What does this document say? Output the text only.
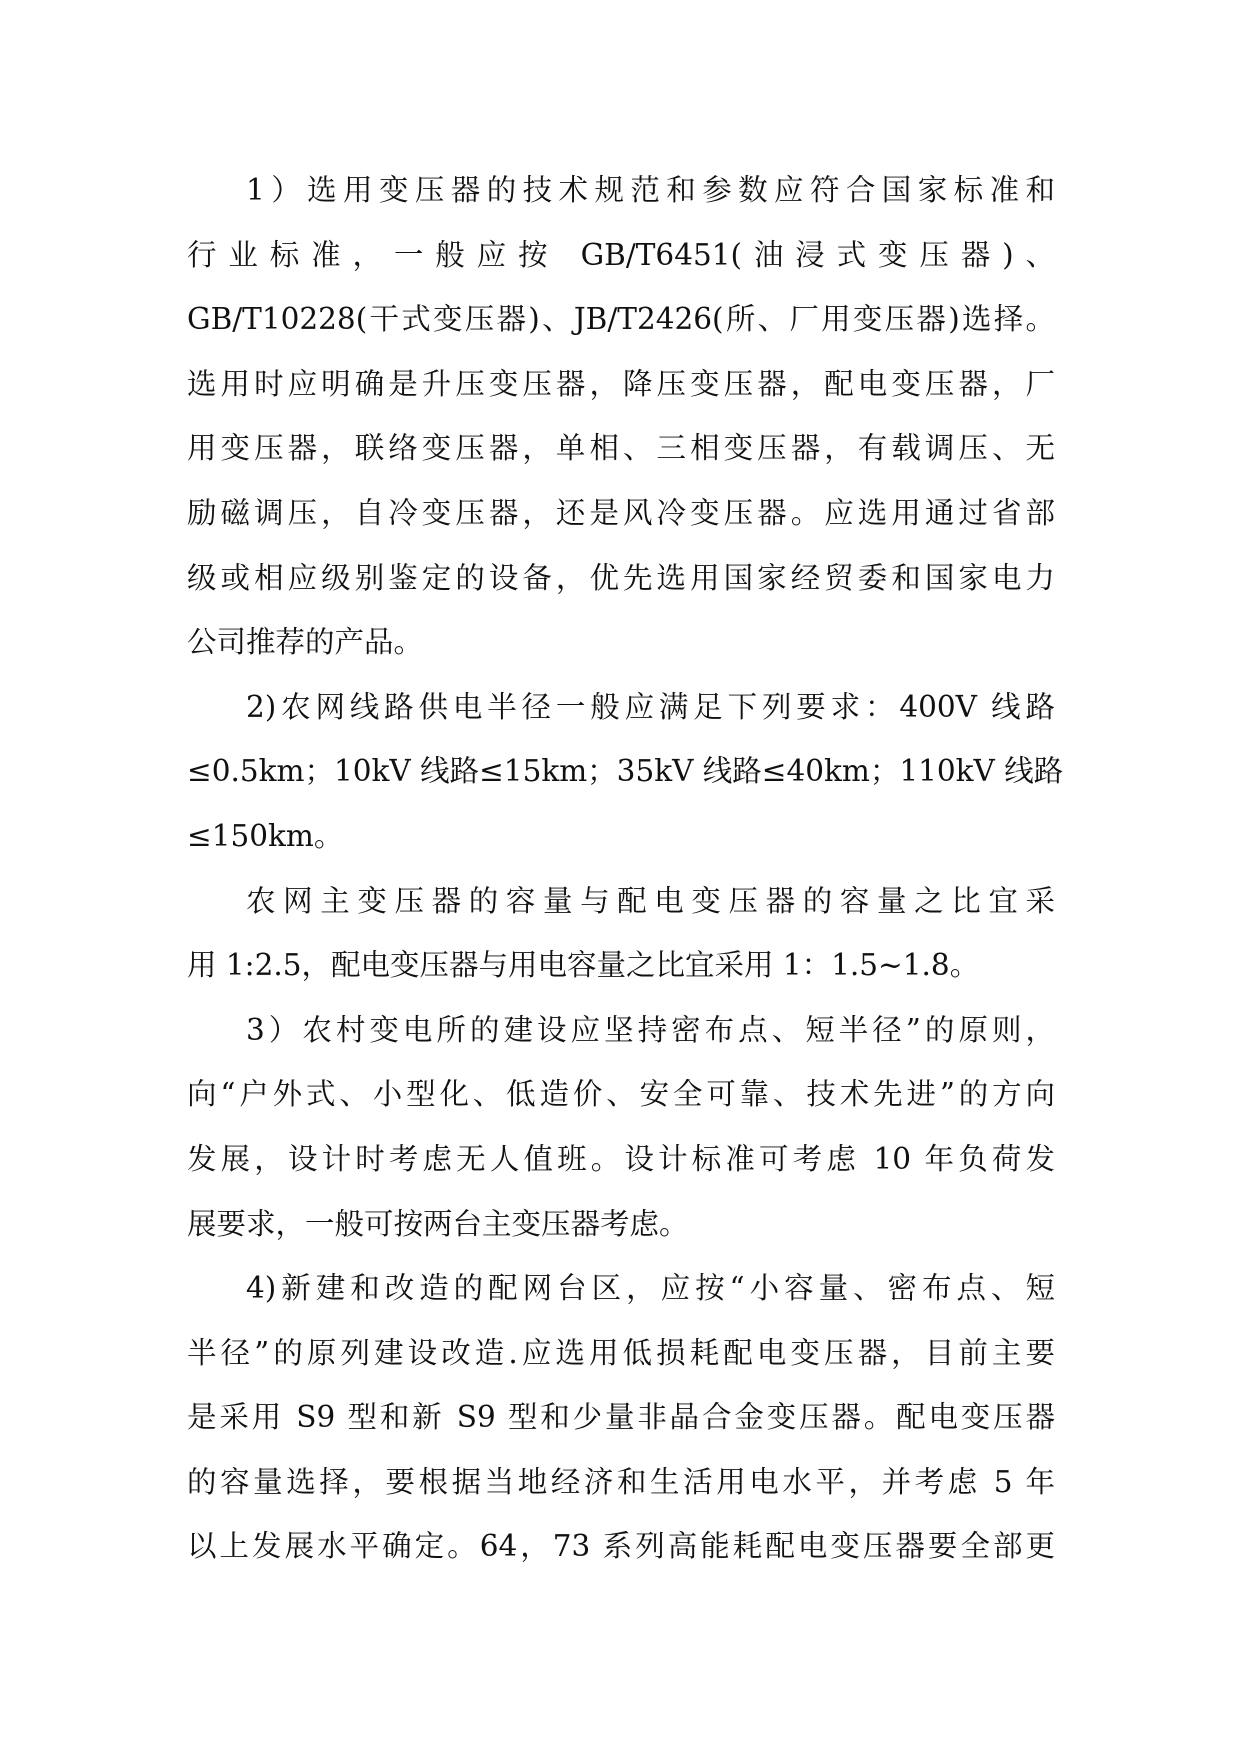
1）选用变压器的技术规范和参数应符合国家标准和
行业标准，一般应按 GB/T6451(油浸式变压器)、
GB/T10228(干式变压器)、JB/T2426(所、厂用变压器)选择。
选用时应明确是升压变压器，降压变压器，配电变压器，厂
用变压器，联络变压器，单相、三相变压器，有载调压、无
励磁调压，自冷变压器，还是风冷变压器。应选用通过省部
级或相应级别鉴定的设备，优先选用国家经贸委和国家电力
公司推荐的产品。

2)农网线路供电半径一般应满足下列要求：400V 线路
≤0.5km；10kV 线路≤15km；35kV 线路≤40km；110kV 线路
≤150km。

农网主变压器的容量与配电变压器的容量之比宜采
用 1:2.5，配电变压器与用电容量之比宜采用 1：1.5~1.8。

3）农村变电所的建设应坚持密布点、短半径”的原则，
向“户外式、小型化、低造价、安全可靠、技术先进”的方向
发展，设计时考虑无人值班。设计标准可考虑 10 年负荷发
展要求，一般可按两台主变压器考虑。

4)新建和改造的配网台区，应按“小容量、密布点、短
半径”的原列建设改造.应选用低损耗配电变压器，目前主要
是采用 S9 型和新 S9 型和少量非晶合金变压器。配电变压器
的容量选择，要根据当地经济和生活用电水平，并考虑 5 年
以上发展水平确定。64，73 系列高能耗配电变压器要全部更
